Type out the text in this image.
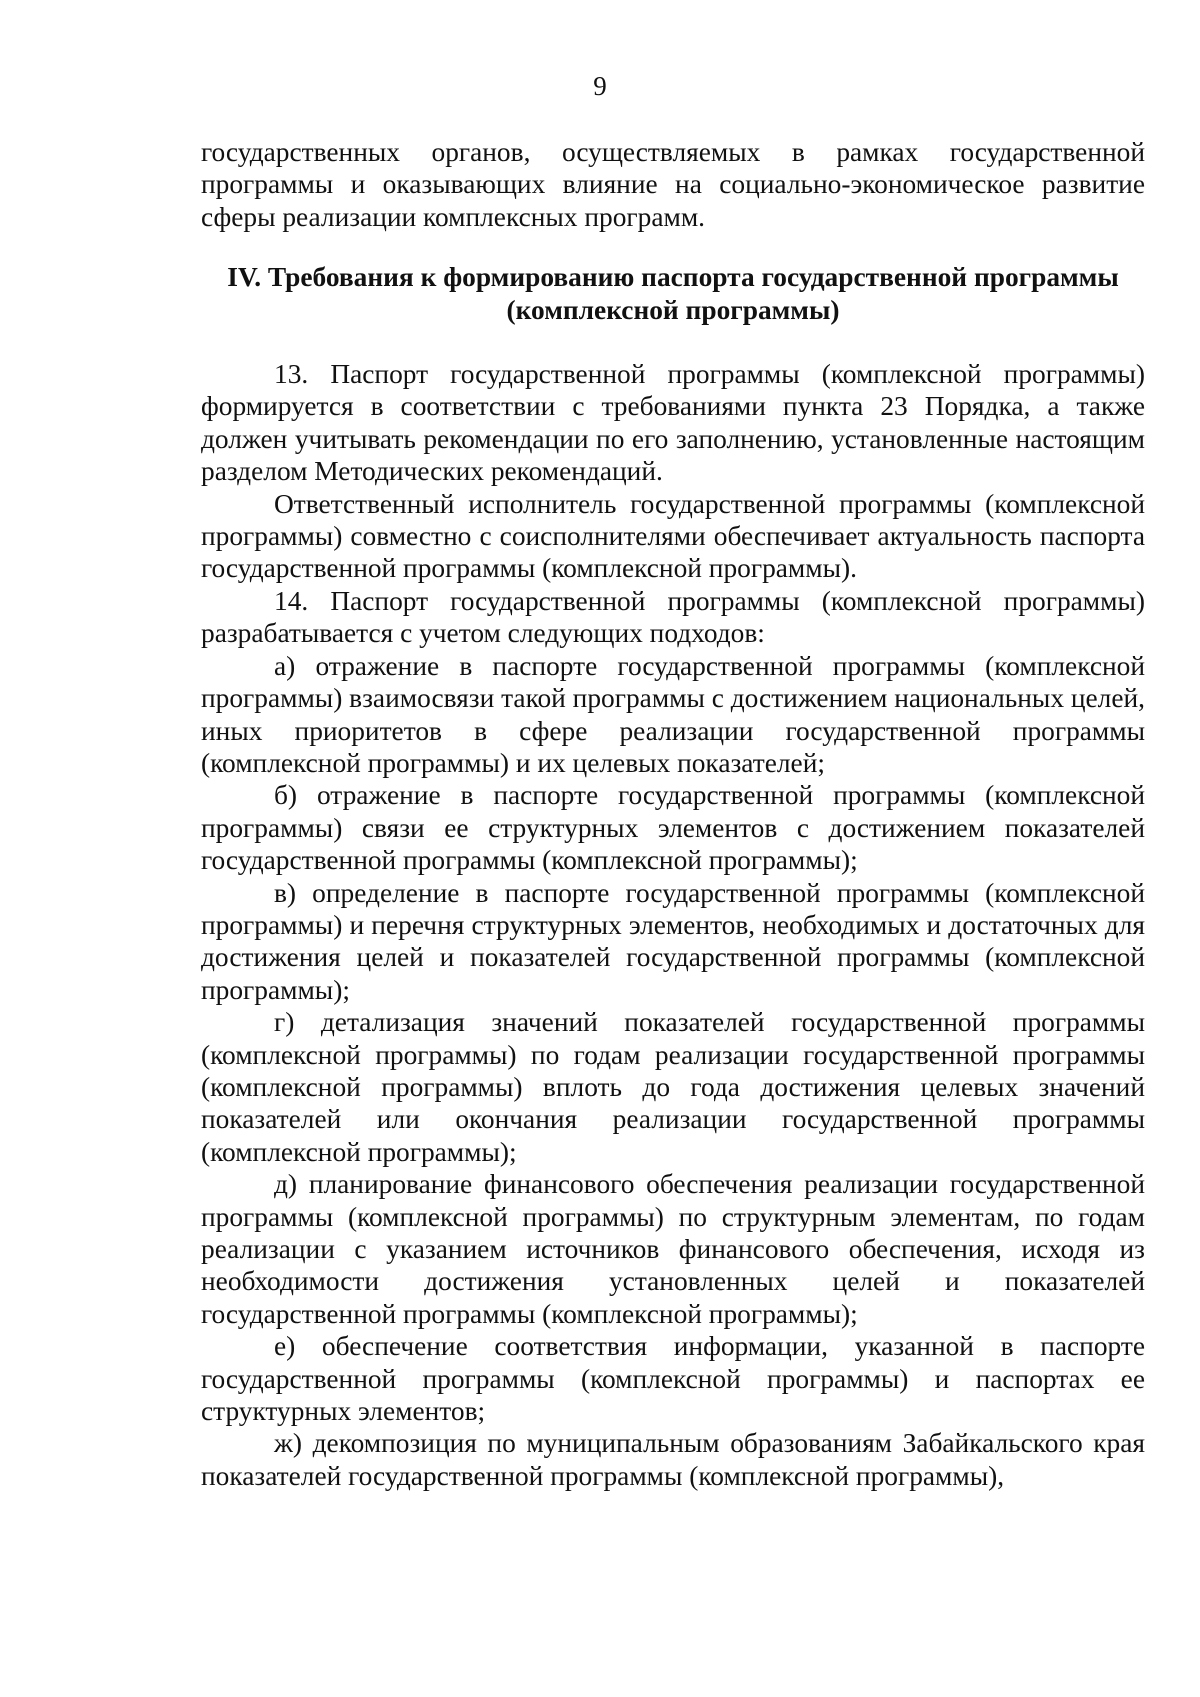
9

государственных органов, осуществляемых в рамках государственной программы и оказывающих влияние на социально-экономическое развитие сферы реализации комплексных программ.

IV. Требования к формированию паспорта государственной программы
(комплексной программы)

13. Паспорт государственной программы (комплексной программы) формируется в соответствии с требованиями пункта 23 Порядка, а также должен учитывать рекомендации по его заполнению, установленные настоящим разделом Методических рекомендаций.

Ответственный исполнитель государственной программы (комплексной программы) совместно с соисполнителями обеспечивает актуальность паспорта государственной программы (комплексной программы).

14. Паспорт государственной программы (комплексной программы) разрабатывается с учетом следующих подходов:

а) отражение в паспорте государственной программы (комплексной программы) взаимосвязи такой программы с достижением национальных целей, иных приоритетов в сфере реализации государственной программы (комплексной программы) и их целевых показателей;

б) отражение в паспорте государственной программы (комплексной программы) связи ее структурных элементов с достижением показателей государственной программы (комплексной программы);

в) определение в паспорте государственной программы (комплексной программы) и перечня структурных элементов, необходимых и достаточных для достижения целей и показателей государственной программы (комплексной программы);

г) детализация значений показателей государственной программы (комплексной программы) по годам реализации государственной программы (комплексной программы) вплоть до года достижения целевых значений показателей или окончания реализации государственной программы (комплексной программы);

д) планирование финансового обеспечения реализации государственной программы (комплексной программы) по структурным элементам, по годам реализации с указанием источников финансового обеспечения, исходя из необходимости достижения установленных целей и показателей государственной программы (комплексной программы);

е) обеспечение соответствия информации, указанной в паспорте государственной программы (комплексной программы) и паспортах ее структурных элементов;

ж) декомпозиция по муниципальным образованиям Забайкальского края показателей государственной программы (комплексной программы),
